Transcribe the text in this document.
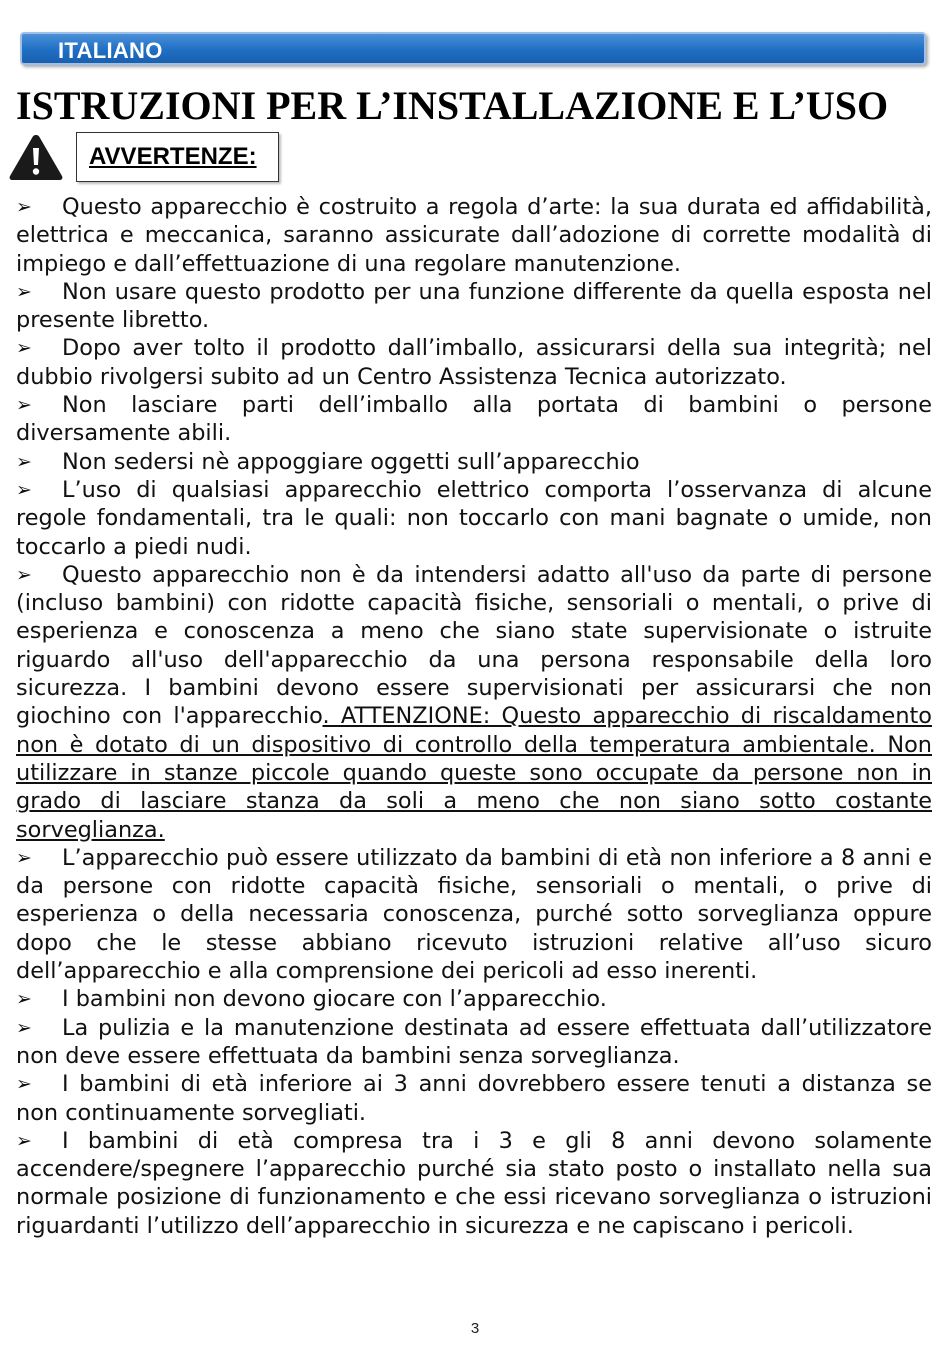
ITALIANO
ISTRUZIONI PER L’INSTALLAZIONE E L’USO
AVVERTENZE:

➢ Questo apparecchio è costruito a regola d’arte: la sua durata ed affidabilità, elettrica e meccanica, saranno assicurate dall’adozione di corrette modalità di impiego e dall’effettuazione di una regolare manutenzione.

➢ Non usare questo prodotto per una funzione differente da quella esposta nel presente libretto.

➢ Dopo aver tolto il prodotto dall’imballo, assicurarsi della sua integrità; nel dubbio rivolgersi subito ad un Centro Assistenza Tecnica autorizzato.

➢ Non lasciare parti dell’imballo alla portata di bambini o persone diversamente abili.

➢ Non sedersi nè appoggiare oggetti sull’apparecchio

➢ L’uso di qualsiasi apparecchio elettrico comporta l’osservanza di alcune regole fondamentali, tra le quali: non toccarlo con mani bagnate o umide, non toccarlo a piedi nudi.

➢ Questo apparecchio non è da intendersi adatto all'uso da parte di persone (incluso bambini) con ridotte capacità fisiche, sensoriali o mentali, o prive di esperienza e conoscenza a meno che siano state supervisionate o istruite riguardo all'uso dell'apparecchio da una persona responsabile della loro sicurezza. I bambini devono essere supervisionati per assicurarsi che non giochino con l'apparecchio. ATTENZIONE: Questo apparecchio di riscaldamento non è dotato di un dispositivo di controllo della temperatura ambientale. Non utilizzare in stanze piccole quando queste sono occupate da persone non in grado di lasciare stanza da soli a meno che non siano sotto costante sorveglianza.

➢ L’apparecchio può essere utilizzato da bambini di età non inferiore a 8 anni e da persone con ridotte capacità fisiche, sensoriali o mentali, o prive di esperienza o della necessaria conoscenza, purché sotto sorveglianza oppure dopo che le stesse abbiano ricevuto istruzioni relative all’uso sicuro dell’apparecchio e alla comprensione dei pericoli ad esso inerenti.

➢ I bambini non devono giocare con l’apparecchio.

➢ La pulizia e la manutenzione destinata ad essere effettuata dall’utilizzatore non deve essere effettuata da bambini senza sorveglianza.

➢ I bambini di età inferiore ai 3 anni dovrebbero essere tenuti a distanza se non continuamente sorvegliati.

➢ I bambini di età compresa tra i 3 e gli 8 anni devono solamente accendere/spegnere l’apparecchio purché sia stato posto o installato nella sua normale posizione di funzionamento e che essi ricevano sorveglianza o istruzioni riguardanti l’utilizzo dell’apparecchio in sicurezza e ne capiscano i pericoli.

3
